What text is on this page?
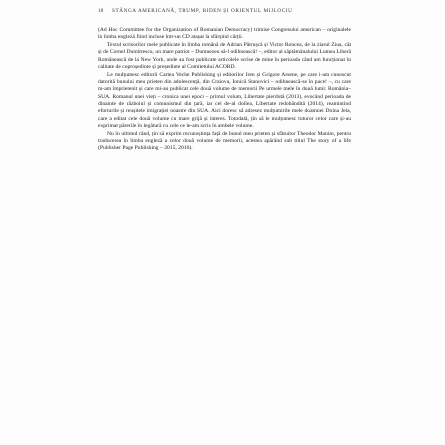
18	STÂNGA AMERICANĂ, TRUMP, BIDEN ȘI ORIENTUL MIJLOCIU

(Ad Hoc Committee for the Organization of Romanian Democracy) trimise Congresului american – originalele în limba engleză fiind incluse într-un CD atașat la sfârșitul cărții.

Textul scrisorilor mele publicate în limba română de Adrian Pătrușcă și Victor Roncea, de la ziarul Ziua, cât și de Cornel Dumitrescu, un mare patriot – Dumnezeu să-l odihnească! –, editor al săptămânalului Lumea Liberă Românească de la New York, unde au fost publicate articolele scrise de mine în perioada când am funcționat în calitate de coproședinte și președinte al Comitetului ACORD.

Le mulțumesc editurii Cartea Veche Publishing și editorilor Iren și Grigore Arsene, pe care i-am cunoscut datorită bunului meu prieten din adolescență, din Craiova, Ionică Stanovici – odihnească-se în pace! –, cu care m-am împrietenit și care mi-au publicat cele două volume de memorii Pe urmele mele în două lumi: România–SUA. Romanul unei vieți – cronica unei epoci – primul volum, Libertate pierdută (2013), evocând perioada de dinainte de războiul și comunismul din țară, iar cel de-al doilea, Libertate redobândită (2014), reamintind eforturile și reușitele imigrației noastre din SUA. Aici doresc să adresez mulțumirile mele doamnei Doina Jela, care a editat cele două volume cu mare grijă și interes. Totodată, țin să le mulțumesc tuturor celor care și-au exprimat părerile în legătură cu cele ce le-am scris în ambele volume.

Nu în ultimul rând, țin să exprim recunoștința față de bunul meu prieten și sfătuitor Theodor Manim, pentru traducerea în limba engleză a celor două volume de memorii, acestea apărând sub titlul The story of a life (Publisher Page Publishing – 2015, 2016).
